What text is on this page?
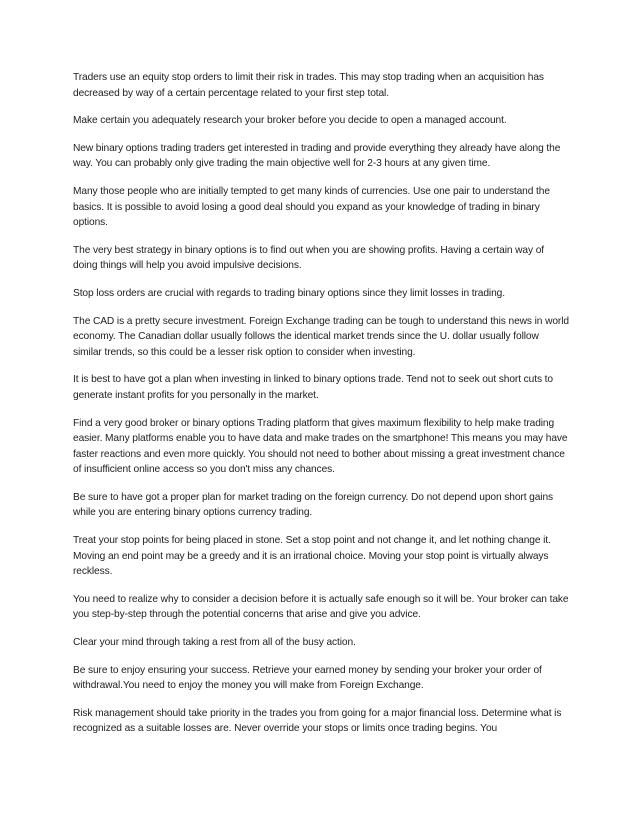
Traders use an equity stop orders to limit their risk in trades. This may stop trading when an acquisition has decreased by way of a certain percentage related to your first step total.

Make certain you adequately research your broker before you decide to open a managed account.

New binary options trading traders get interested in trading and provide everything they already have along the way. You can probably only give trading the main objective well for 2-3 hours at any given time.

Many those people who are initially tempted to get many kinds of currencies. Use one pair to understand the basics. It is possible to avoid losing a good deal should you expand as your knowledge of trading in binary options.

The very best strategy in binary options is to find out when you are showing profits. Having a certain way of doing things will help you avoid impulsive decisions.

Stop loss orders are crucial with regards to trading binary options since they limit losses in trading.

The CAD is a pretty secure investment. Foreign Exchange trading can be tough to understand this news in world economy. The Canadian dollar usually follows the identical market trends since the U. dollar usually follow similar trends, so this could be a lesser risk option to consider when investing.

It is best to have got a plan when investing in linked to binary options trade. Tend not to seek out short cuts to generate instant profits for you personally in the market.

Find a very good broker or binary options Trading platform that gives maximum flexibility to help make trading easier. Many platforms enable you to have data and make trades on the smartphone! This means you may have faster reactions and even more quickly. You should not need to bother about missing a great investment chance of insufficient online access so you don't miss any chances.

Be sure to have got a proper plan for market trading on the foreign currency. Do not depend upon short gains while you are entering binary options currency trading.

Treat your stop points for being placed in stone. Set a stop point and not change it, and let nothing change it. Moving an end point may be a greedy and it is an irrational choice. Moving your stop point is virtually always reckless.

You need to realize why to consider a decision before it is actually safe enough so it will be. Your broker can take you step-by-step through the potential concerns that arise and give you advice.

Clear your mind through taking a rest from all of the busy action.

Be sure to enjoy ensuring your success. Retrieve your earned money by sending your broker your order of withdrawal.You need to enjoy the money you will make from Foreign Exchange.

Risk management should take priority in the trades you from going for a major financial loss. Determine what is recognized as a suitable losses are. Never override your stops or limits once trading begins. You
